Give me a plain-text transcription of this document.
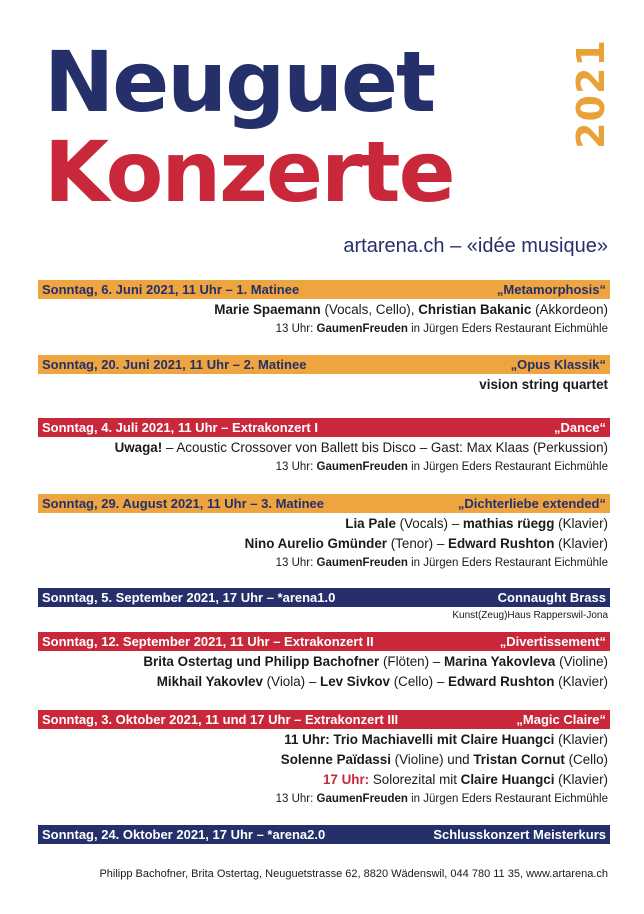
Neuguet
Konzerte
2021
artarena.ch – «idée musique»
Sonntag, 6. Juni 2021, 11 Uhr – 1. Matinee	„Metamorphosis“
Marie Spaemann (Vocals, Cello), Christian Bakanic (Akkordeon)
13 Uhr: GaumenFreuden in Jürgen Eders Restaurant Eichmühle
Sonntag, 20. Juni 2021, 11 Uhr – 2. Matinee	„Opus Klassik“
vision string quartet
Sonntag, 4. Juli 2021, 11 Uhr – Extrakonzert I	„Dance“
Uwaga! – Acoustic Crossover von Ballett bis Disco – Gast: Max Klaas (Perkussion)
13 Uhr: GaumenFreuden in Jürgen Eders Restaurant Eichmühle
Sonntag, 29. August 2021, 11 Uhr – 3. Matinee	„Dichterliebe extended“
Lia Pale (Vocals) – mathias rüegg (Klavier)
Nino Aurelio Gmünder (Tenor) – Edward Rushton (Klavier)
13 Uhr: GaumenFreuden in Jürgen Eders Restaurant Eichmühle
Sonntag, 5. September 2021, 17 Uhr – *arena1.0	Connaught Brass
Kunst(Zeug)Haus Rapperswil-Jona
Sonntag, 12. September 2021, 11 Uhr – Extrakonzert II	„Divertissement“
Brita Ostertag und Philipp Bachofner (Flöten) – Marina Yakovleva (Violine)
Mikhail Yakovlev (Viola) – Lev Sivkov (Cello) – Edward Rushton (Klavier)
Sonntag, 3. Oktober 2021, 11 und 17 Uhr – Extrakonzert III	„Magic Claire“
11 Uhr: Trio Machiavelli mit Claire Huangci (Klavier)
Solenne Païdassi (Violine) und Tristan Cornut (Cello)
17 Uhr: Solorezital mit Claire Huangci (Klavier)
13 Uhr: GaumenFreuden in Jürgen Eders Restaurant Eichmühle
Sonntag, 24. Oktober 2021, 17 Uhr – *arena2.0	Schlusskonzert Meisterkurs
Philipp Bachofner, Brita Ostertag, Neuguetstrasse 62, 8820 Wädenswil, 044 780 11 35, www.artarena.ch
